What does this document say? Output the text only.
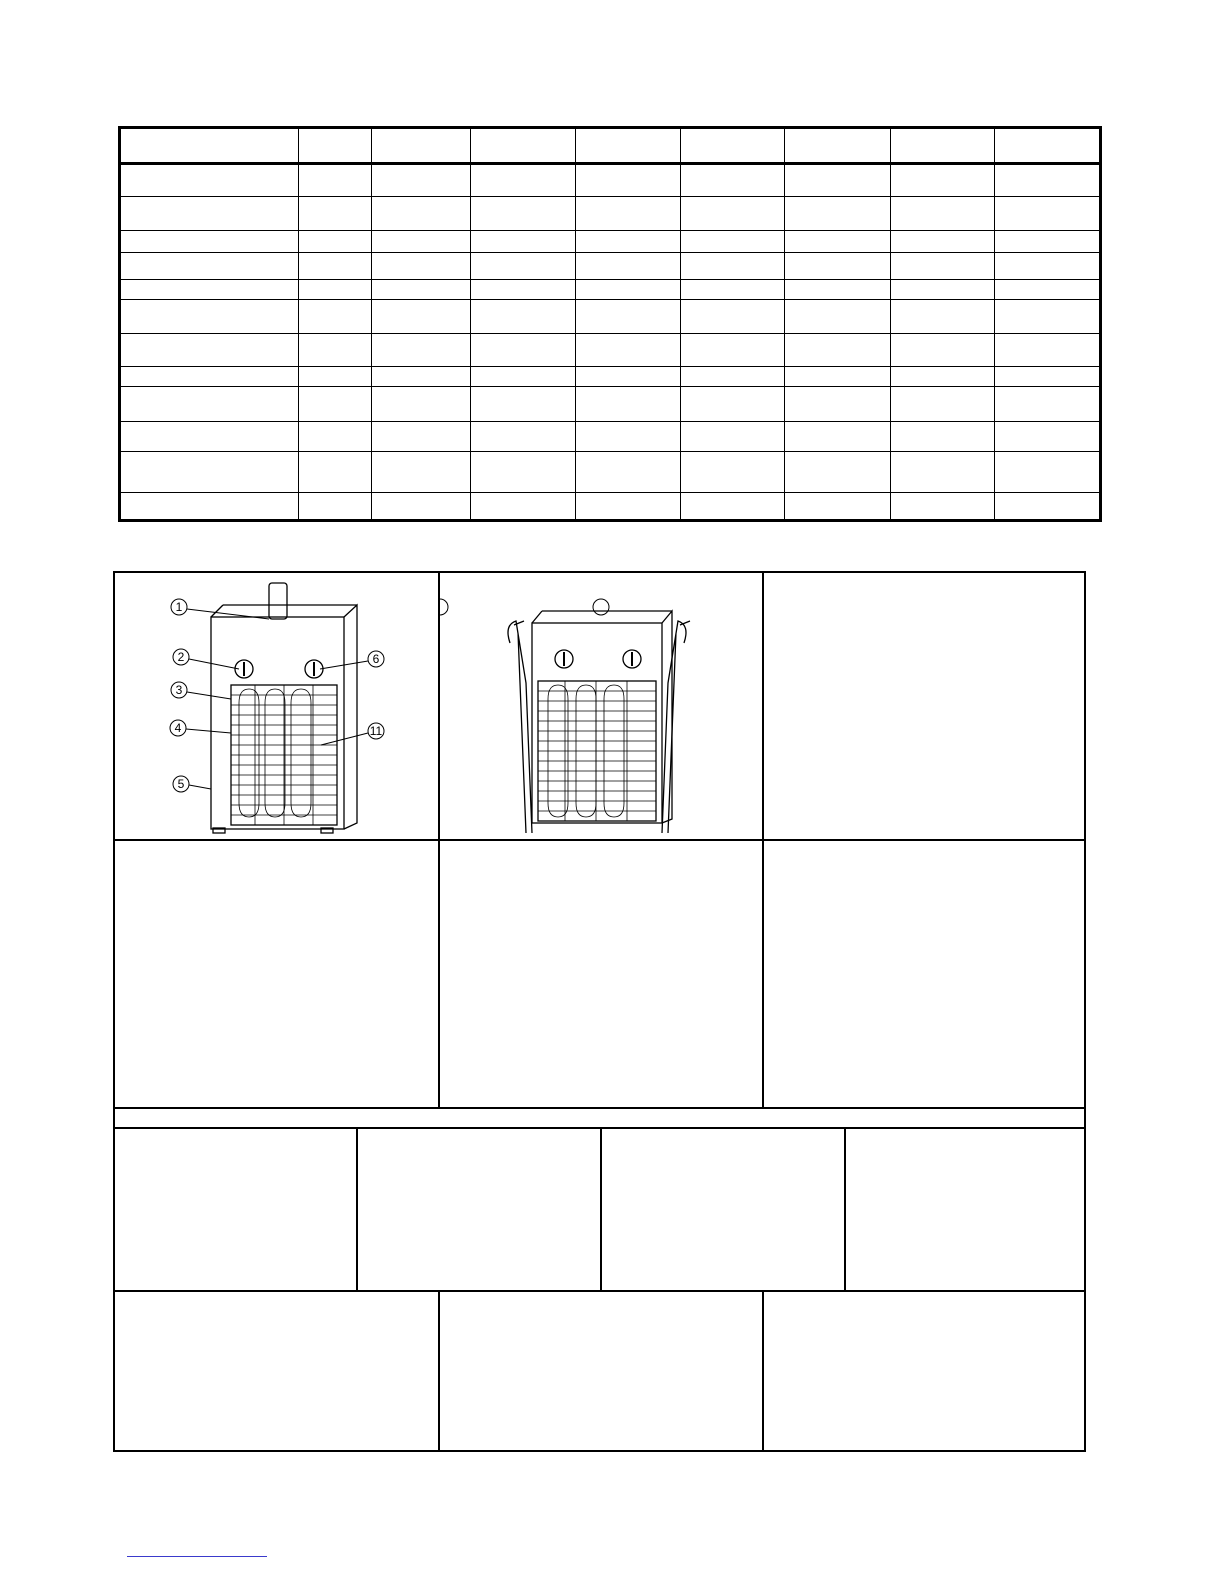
1
2
3
4
5
6
11
